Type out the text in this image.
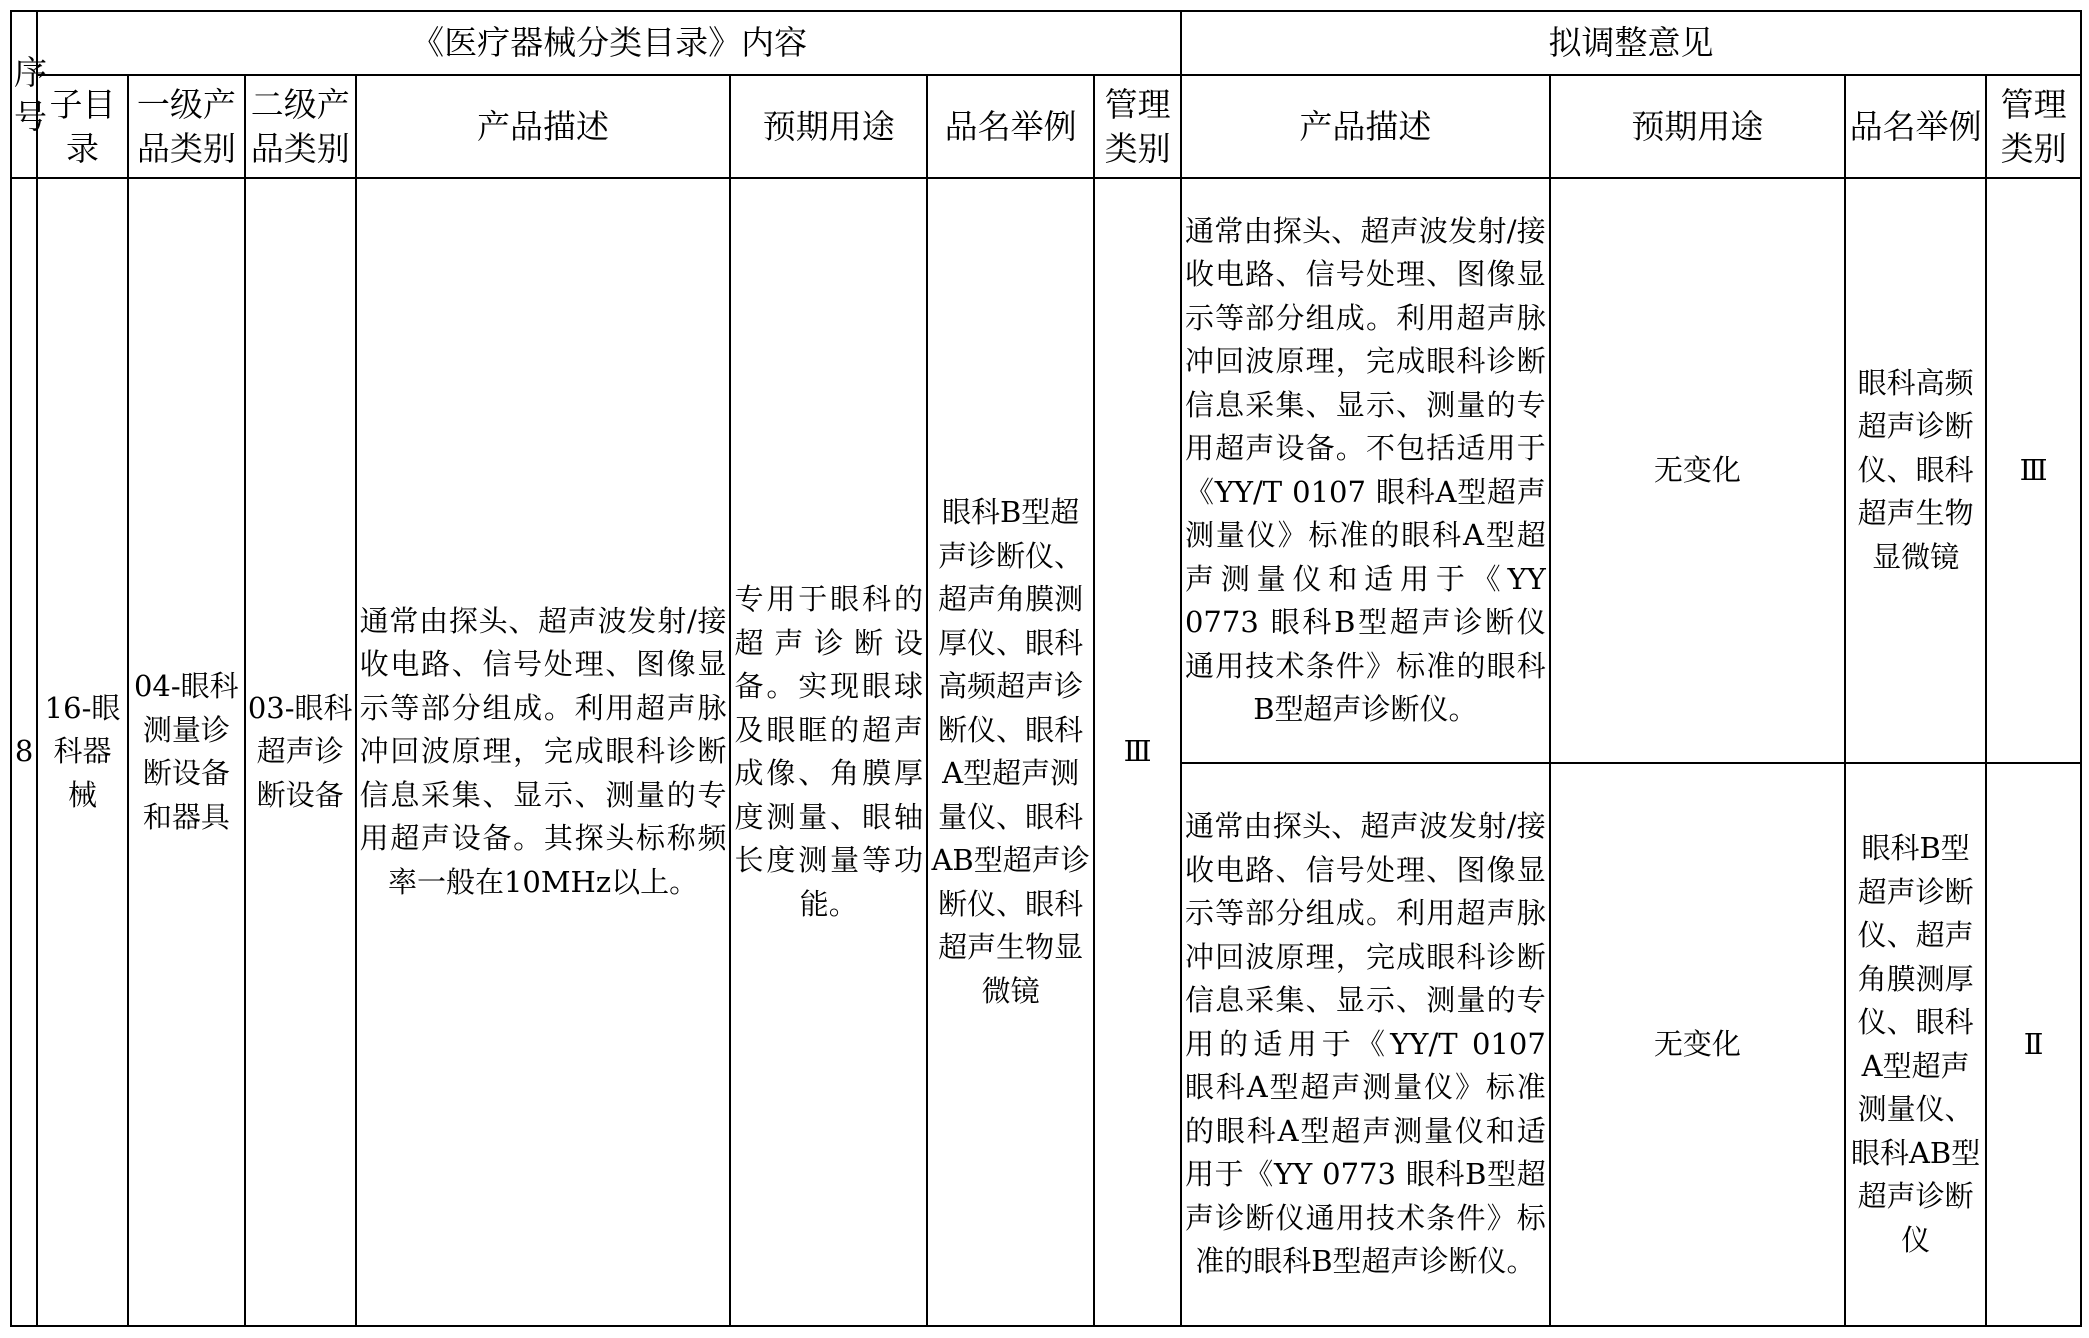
序号	《医疗器械分类目录》内容							拟调整意见			
	子目录	一级产品类别	二级产品类别	产品描述	预期用途	品名举例	管理类别	产品描述	预期用途	品名举例	管理类别
8	16-眼科器械	04-眼科测量诊断设备和器具	03-眼科超声诊断设备	通常由探头、超声波发射/接收电路、信号处理、图像显示等部分组成。利用超声脉冲回波原理，完成眼科诊断信息采集、显示、测量的专用超声设备。其探头标称频率一般在10MHz以上。	专用于眼科的超声诊断设备。实现眼球及眼眶的超声成像、角膜厚度测量、眼轴长度测量等功能。	眼科B型超声诊断仪、超声角膜测厚仪、眼科高频超声诊断仪、眼科A型超声测量仪、眼科AB型超声诊断仪、眼科超声生物显微镜	Ⅲ	通常由探头、超声波发射/接收电路、信号处理、图像显示等部分组成。利用超声脉冲回波原理，完成眼科诊断信息采集、显示、测量的专用超声设备。不包括适用于《YY/T 0107 眼科A型超声测量仪》标准的眼科A型超声测量仪和适用于《YY 0773 眼科B型超声诊断仪通用技术条件》标准的眼科B型超声诊断仪。	无变化	眼科高频超声诊断仪、眼科超声生物显微镜	Ⅲ
								通常由探头、超声波发射/接收电路、信号处理、图像显示等部分组成。利用超声脉冲回波原理，完成眼科诊断信息采集、显示、测量的专用的适用于《YY/T 0107 眼科A型超声测量仪》标准的眼科A型超声测量仪和适用于《YY 0773 眼科B型超声诊断仪通用技术条件》标准的眼科B型超声诊断仪。	无变化	眼科B型超声诊断仪、超声角膜测厚仪、眼科A型超声测量仪、眼科AB型超声诊断仪	Ⅱ
